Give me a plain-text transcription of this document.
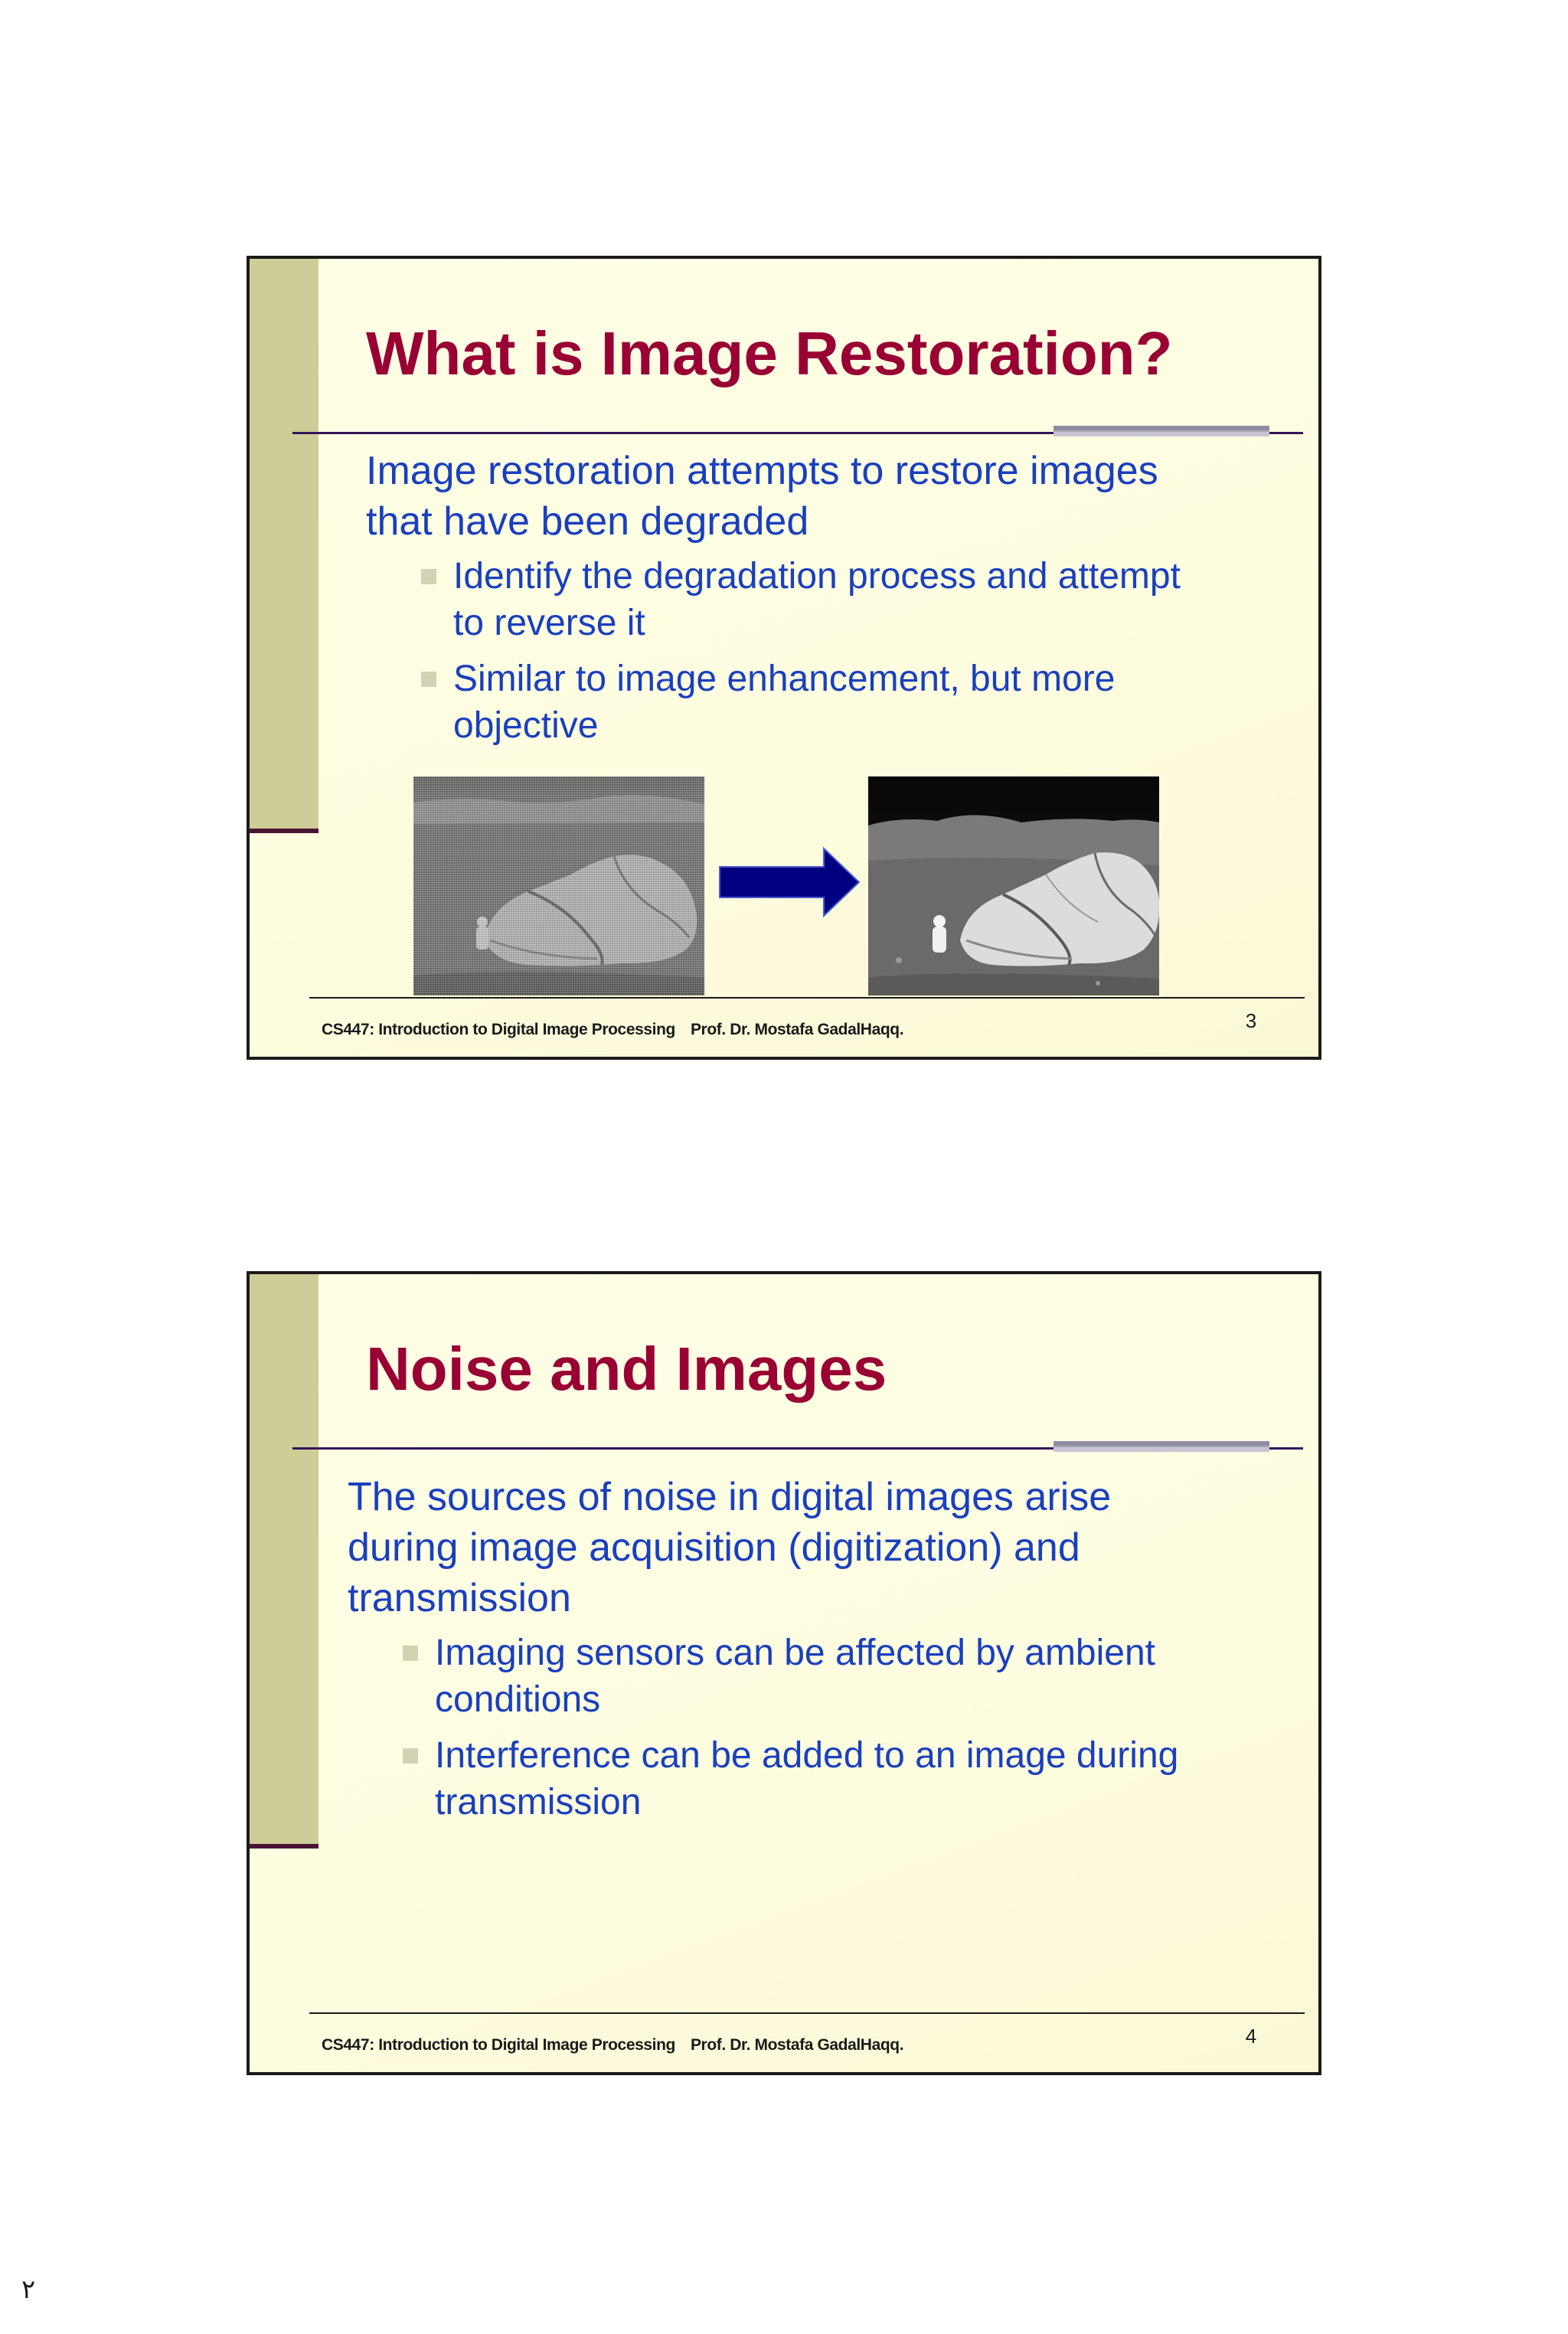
What is Image Restoration?

Image restoration attempts to restore images that have been degraded

Identify the degradation process and attempt to reverse it
Similar to image enhancement, but more objective
CS447: Introduction to Digital Image Processing Prof. Dr. Mostafa GadalHaqq.	3
Noise and Images

The sources of noise in digital images arise during image acquisition (digitization) and transmission

Imaging sensors can be affected by ambient conditions
Interference can be added to an image during transmission
CS447: Introduction to Digital Image Processing Prof. Dr. Mostafa GadalHaqq.	4
٢
